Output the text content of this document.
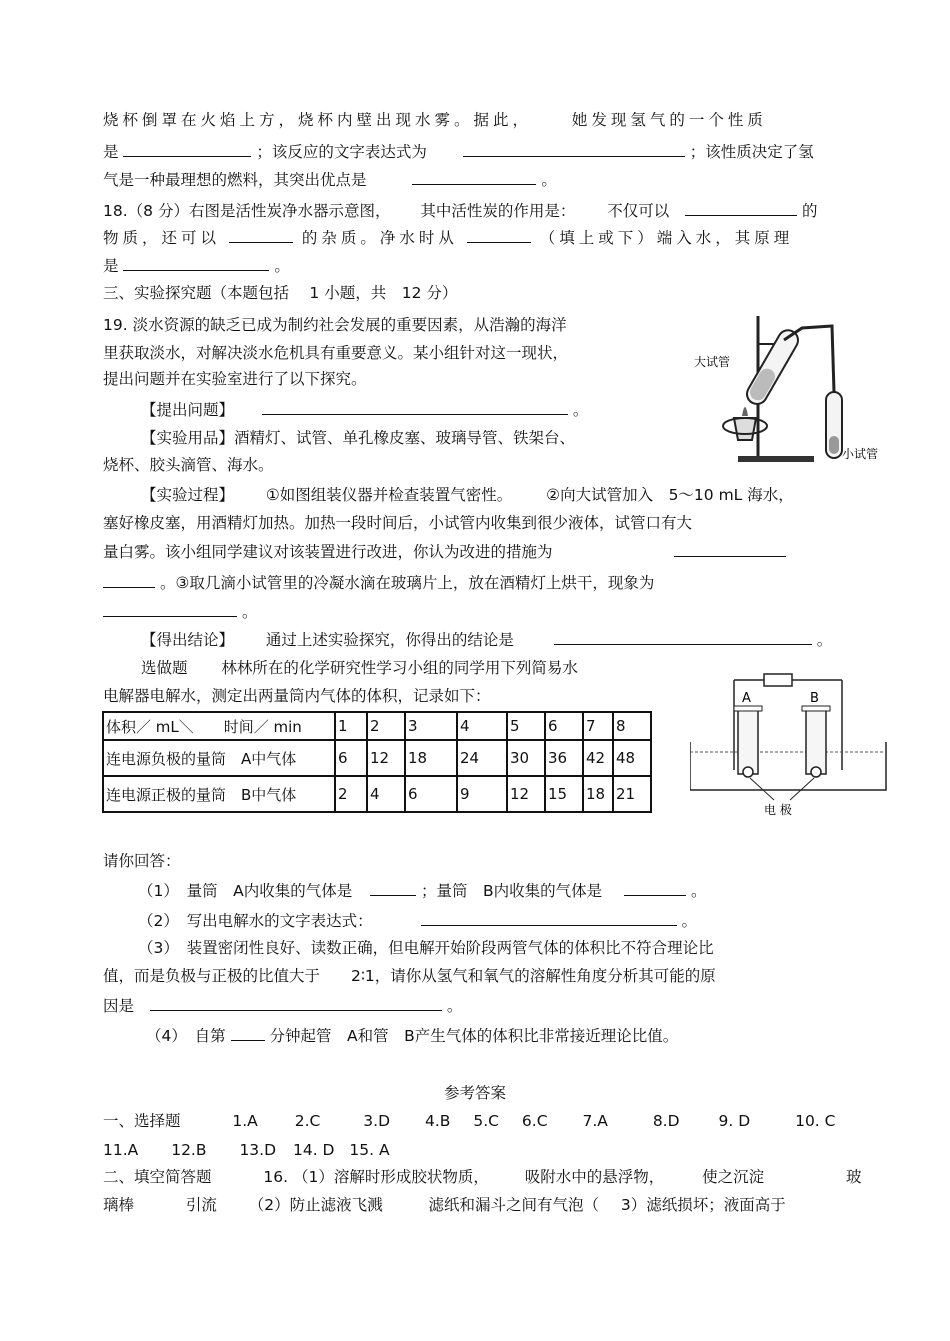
烧杯倒罩在火焰上方，烧杯内壁出现水雾。据此，	她发现氢气的一个性质
是	；该反应的文字表达式为	；该性质决定了氢
气是一种最理想的燃料，其突出优点是	。
18.（8 分）右图是活性炭净水器示意图， 其中活性炭的作用是： 不仅可以	的
物质，还可以	的杂质。净水时从	（填上或下）端入水，其原理
是	。
三、实验探究题（本题包括　 1 小题，共　12 分）
19. 淡水资源的缺乏已成为制约社会发展的重要因素，从浩瀚的海洋
里获取淡水，对解决淡水危机具有重要意义。某小组针对这一现状，
提出问题并在实验室进行了以下探究。
【提出问题】	。
【实验用品】酒精灯、试管、单孔橡皮塞、玻璃导管、铁架台、
烧杯、胶头滴管、海水。
【实验过程】 ①如图组装仪器并检查装置气密性。 ②向大试管加入　5～10 mL 海水，
塞好橡皮塞，用酒精灯加热。加热一段时间后，小试管内收集到很少液体，试管口有大
量白雾。该小组同学建议对该装置进行改进，你认为改进的措施为
。③取几滴小试管里的冷凝水滴在玻璃片上，放在酒精灯上烘干，现象为
。
【得出结论】 通过上述实验探究，你得出的结论是	。
大试管
小试管
选做题 林林所在的化学研究性学习小组的同学用下列简易水
电解器电解水，测定出两量筒内气体的体积，记录如下：	A	B
电 极
体积／ mL＼　　时间／ min	1	2	3	4	5	6	7	8
连电源负极的量筒　A中气体	6	12	18	24	30	36	42	48
连电源正极的量筒　B中气体	2	4	6	9	12	15	18	21
请你回答：
（1）　量筒　A内收集的气体是	；量筒　B内收集的气体是	。
（2）　写出电解水的文字表达式：	。
（3）　装置密闭性良好、读数正确，但电解开始阶段两管气体的体积比不符合理论比
值，而是负极与正极的比值大于　　2∶1，请你从氢气和氧气的溶解性角度分析其可能的原
因是	。
（4）　自第	分钟起管　A和管　B产生气体的体积比非常接近理论比值。
参考答案
一、选择题	1.A 2.C	3.D 4.B 5.C 6.C 7.A	8.D	9. D	10. C
11.A 12.B 13.D 14. D 15. A
二、填空简答题	16. （1）溶解时形成胶状物质， 吸附水中的悬浮物， 使之沉淀	玻
璃棒	引流 （2）防止滤液飞溅	滤纸和漏斗之间有气泡（ 3）滤纸损坏；液面高于
